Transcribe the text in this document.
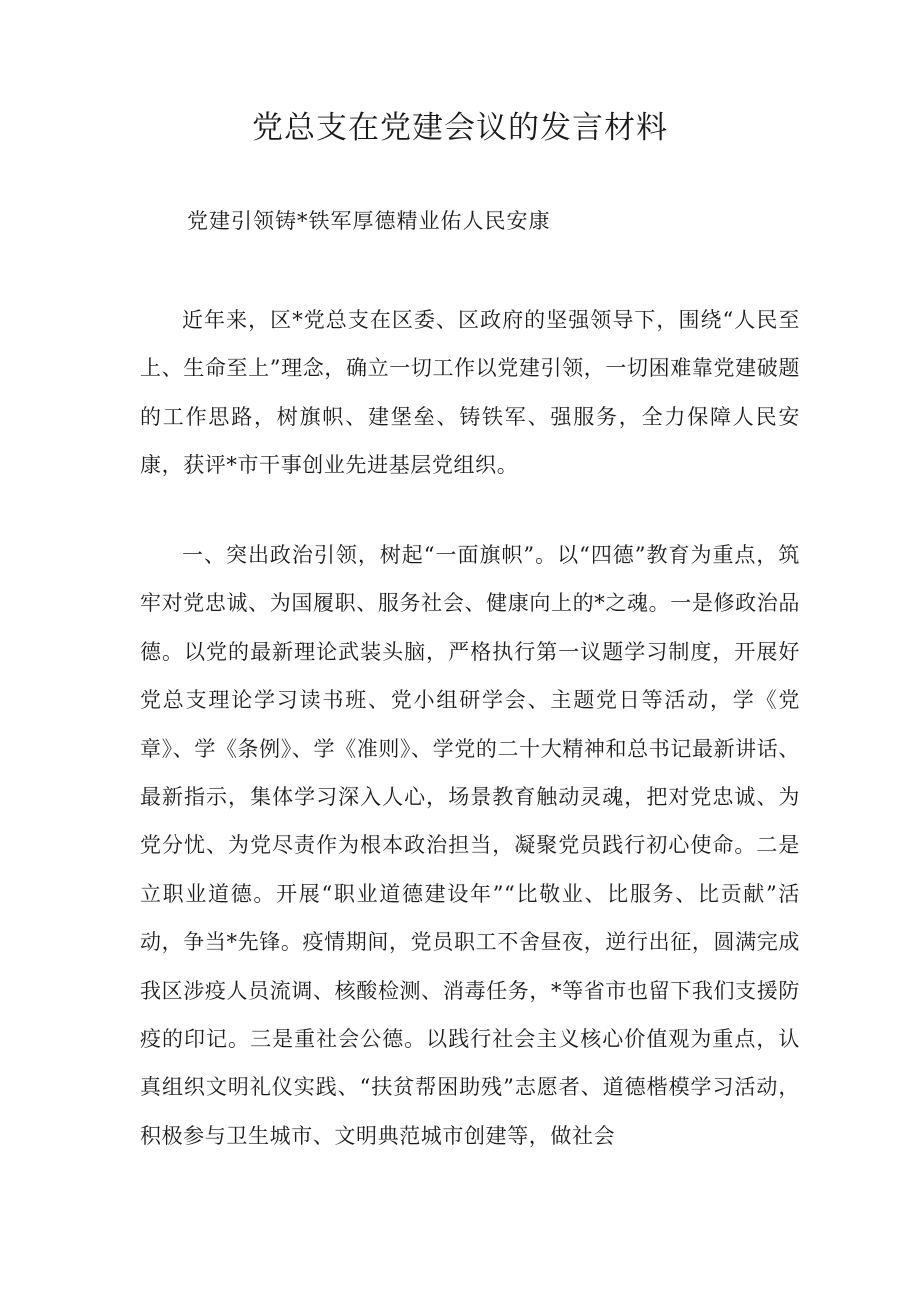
党总支在党建会议的发言材料
党建引领铸*铁军厚德精业佑人民安康

近年来，区*党总支在区委、区政府的坚强领导下，围绕“人民至上、生命至上”理念，确立一切工作以党建引领，一切困难靠党建破题的工作思路，树旗帜、建堡垒、铸铁军、强服务，全力保障人民安康，获评*市干事创业先进基层党组织。

一、突出政治引领，树起“一面旗帜”。以“四德”教育为重点，筑牢对党忠诚、为国履职、服务社会、健康向上的*之魂。一是修政治品德。以党的最新理论武装头脑，严格执行第一议题学习制度，开展好党总支理论学习读书班、党小组研学会、主题党日等活动，学《党章》、学《条例》、学《准则》、学党的二十大精神和总书记最新讲话、最新指示，集体学习深入人心，场景教育触动灵魂，把对党忠诚、为党分忧、为党尽责作为根本政治担当，凝聚党员践行初心使命。二是立职业道德。开展“职业道德建设年”“比敬业、比服务、比贡献”活动，争当*先锋。疫情期间，党员职工不舍昼夜，逆行出征，圆满完成我区涉疫人员流调、核酸检测、消毒任务，*等省市也留下我们支援防疫的印记。三是重社会公德。以践行社会主义核心价值观为重点，认真组织文明礼仪实践、“扶贫帮困助残”志愿者、道德楷模学习活动，积极参与卫生城市、文明典范城市创建等，做社会
